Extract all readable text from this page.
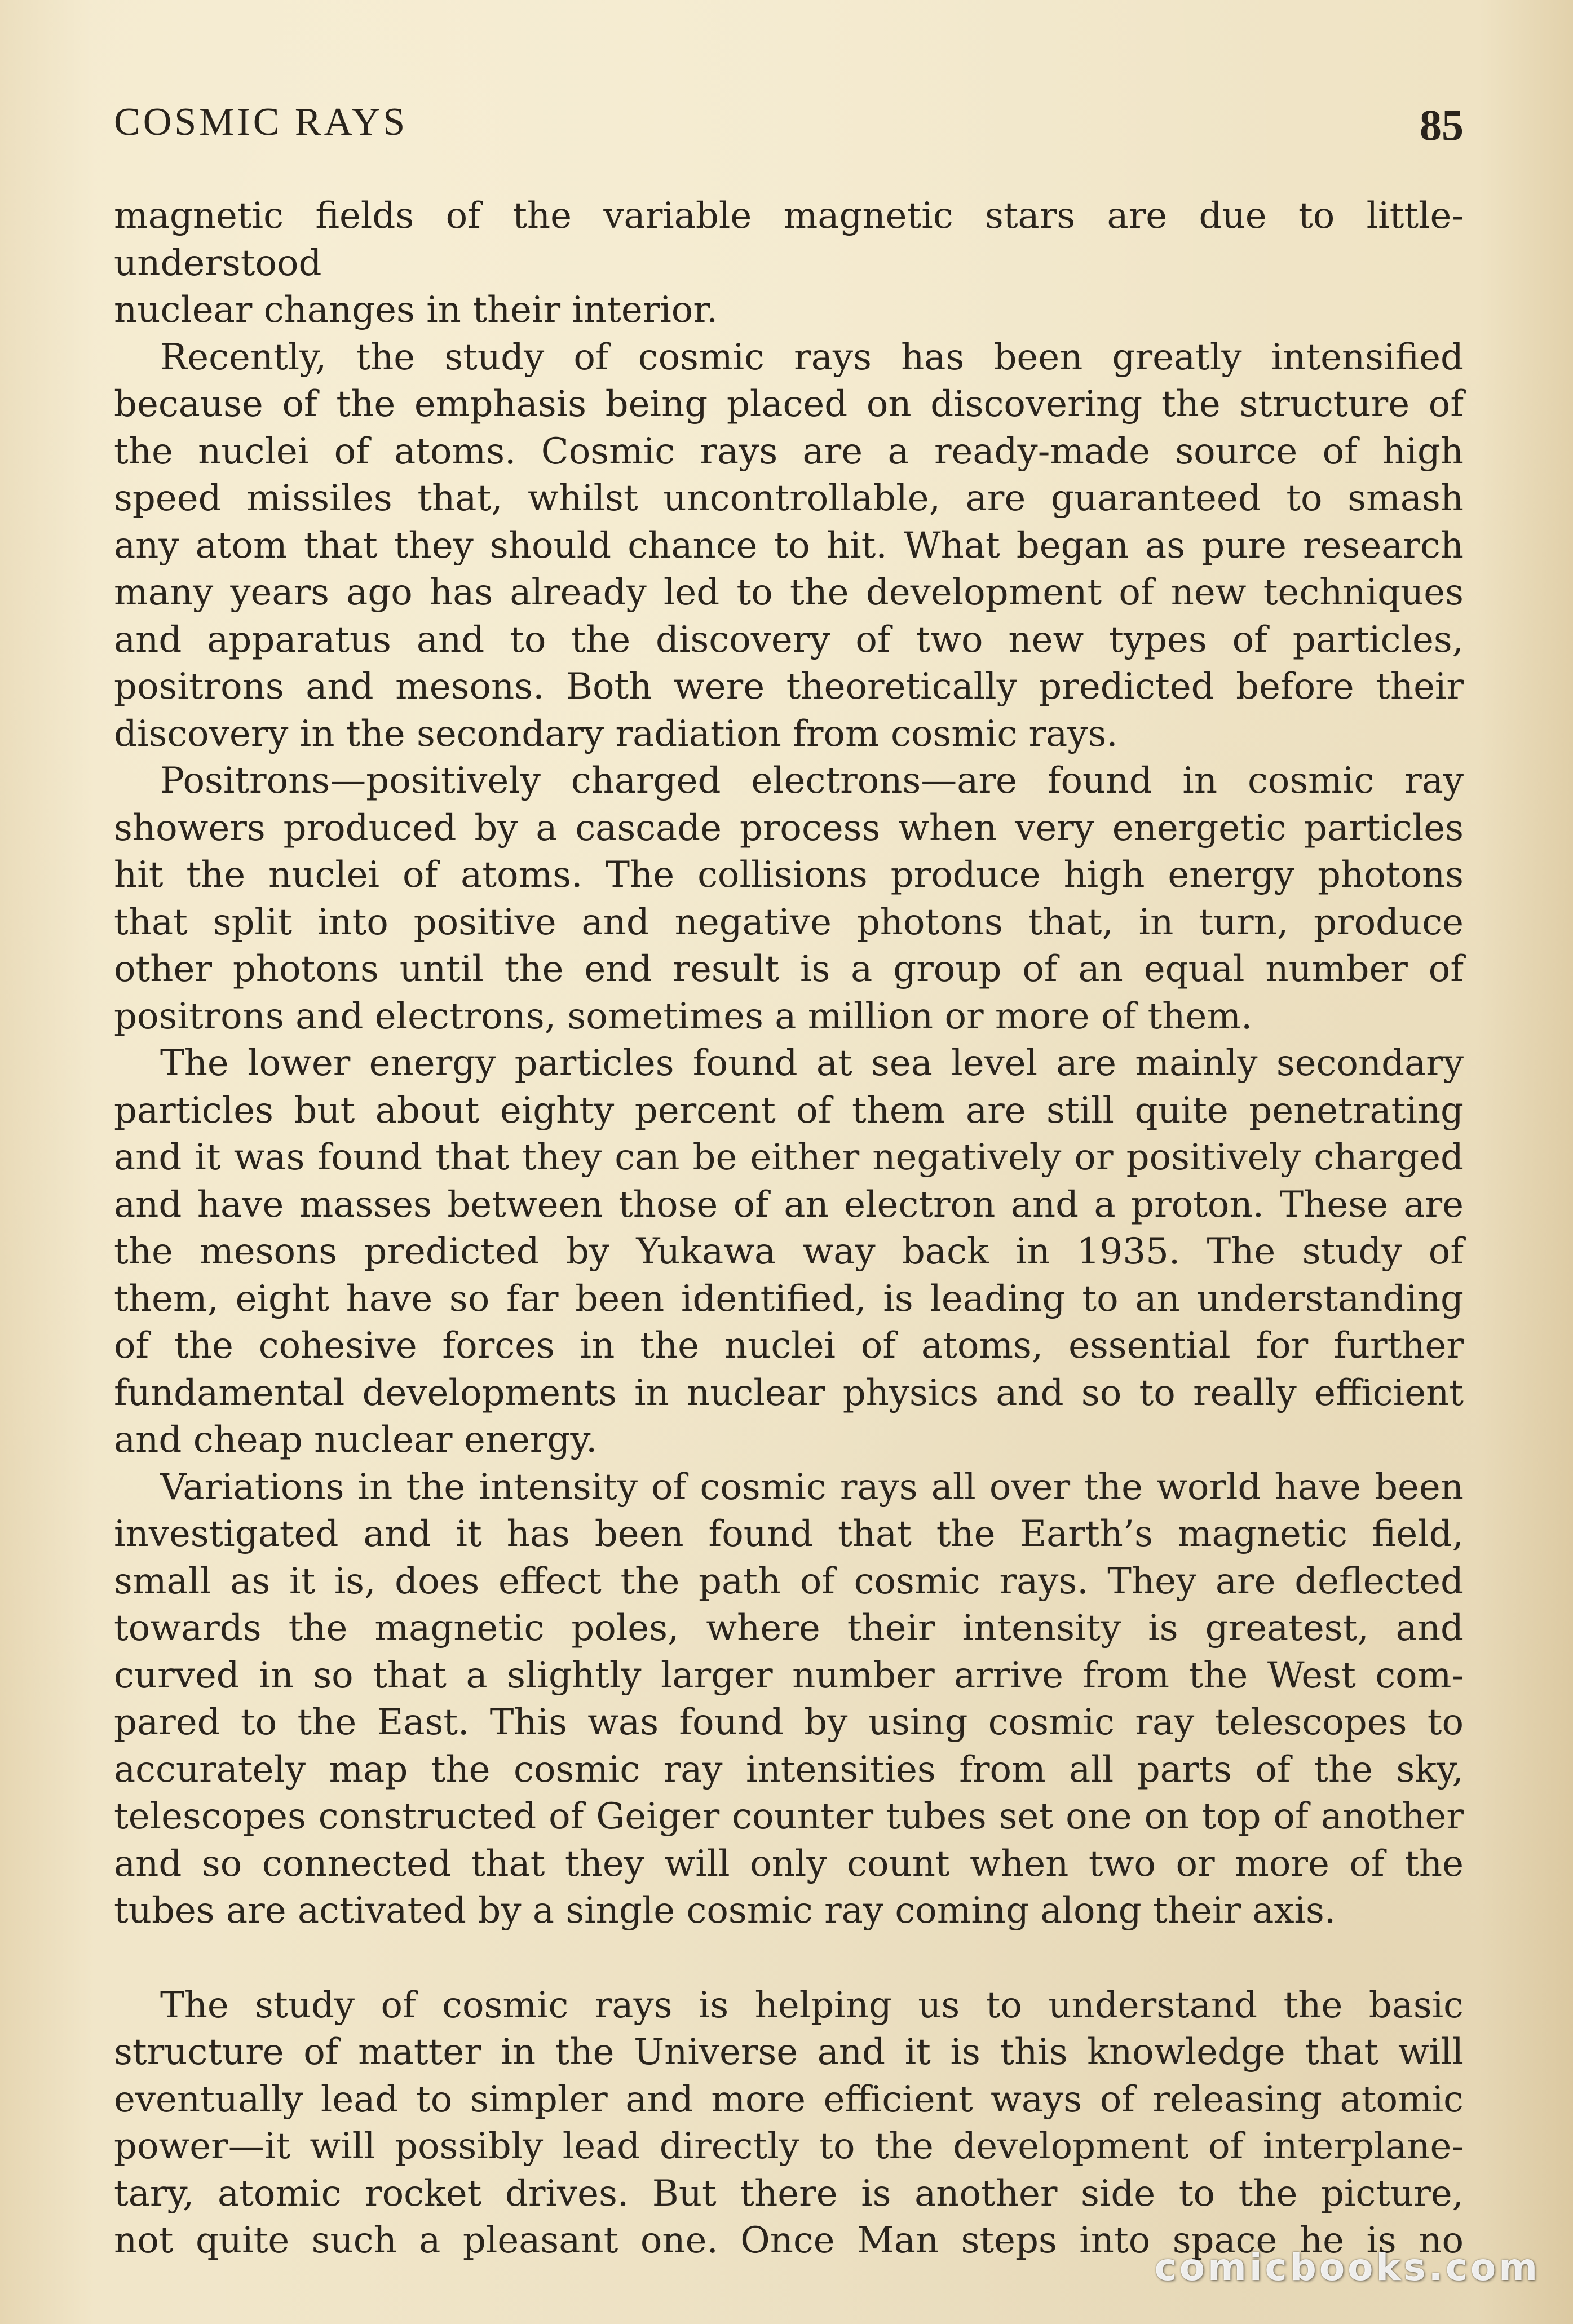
COSMIC RAYS	85

magnetic fields of the variable magnetic stars are due to little-understood
nuclear changes in their interior.

Recently, the study of cosmic rays has been greatly intensified
because of the emphasis being placed on discovering the structure of
the nuclei of atoms. Cosmic rays are a ready-made source of high
speed missiles that, whilst uncontrollable, are guaranteed to smash
any atom that they should chance to hit. What began as pure research
many years ago has already led to the development of new techniques
and apparatus and to the discovery of two new types of particles,
positrons and mesons. Both were theoretically predicted before their
discovery in the secondary radiation from cosmic rays.

Positrons—positively charged electrons—are found in cosmic ray
showers produced by a cascade process when very energetic particles
hit the nuclei of atoms. The collisions produce high energy photons
that split into positive and negative photons that, in turn, produce
other photons until the end result is a group of an equal number of
positrons and electrons, sometimes a million or more of them.

The lower energy particles found at sea level are mainly secondary
particles but about eighty percent of them are still quite penetrating
and it was found that they can be either negatively or positively charged
and have masses between those of an electron and a proton. These are
the mesons predicted by Yukawa way back in 1935. The study of
them, eight have so far been identified, is leading to an understanding
of the cohesive forces in the nuclei of atoms, essential for further
fundamental developments in nuclear physics and so to really efficient
and cheap nuclear energy.

Variations in the intensity of cosmic rays all over the world have been
investigated and it has been found that the Earth’s magnetic field,
small as it is, does effect the path of cosmic rays. They are deflected
towards the magnetic poles, where their intensity is greatest, and
curved in so that a slightly larger number arrive from the West com-
pared to the East. This was found by using cosmic ray telescopes to
accurately map the cosmic ray intensities from all parts of the sky,
telescopes constructed of Geiger counter tubes set one on top of another
and so connected that they will only count when two or more of the
tubes are activated by a single cosmic ray coming along their axis.

The study of cosmic rays is helping us to understand the basic
structure of matter in the Universe and it is this knowledge that will
eventually lead to simpler and more efficient ways of releasing atomic
power—it will possibly lead directly to the development of interplane-
tary, atomic rocket drives. But there is another side to the picture,
not quite such a pleasant one. Once Man steps into space he is no

comicbooks.com
